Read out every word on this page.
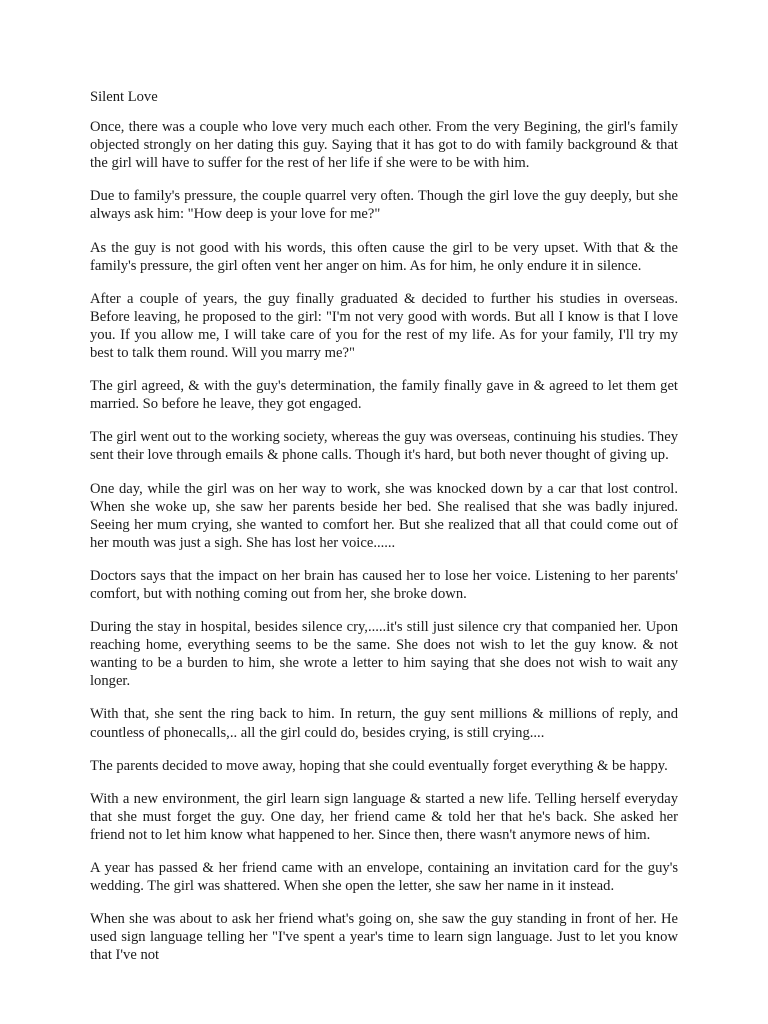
Silent Love

Once, there was a couple who love very much each other. From the very Begining, the girl's family objected strongly on her dating this guy. Saying that it has got to do with family background & that the girl will have to suffer for the rest of her life if she were to be with him.

Due to family's pressure, the couple quarrel very often. Though the girl love the guy deeply, but she always ask him: "How deep is your love for me?"

As the guy is not good with his words, this often cause the girl to be very upset. With that & the family's pressure, the girl often vent her anger on him. As for him, he only endure it in silence.

After a couple of years, the guy finally graduated & decided to further his studies in overseas. Before leaving, he proposed to the girl: "I'm not very good with words. But all I know is that I love you. If you allow me, I will take care of you for the rest of my life. As for your family, I'll try my best to talk them round. Will you marry me?"

The girl agreed, & with the guy's determination, the family finally gave in & agreed to let them get married. So before he leave, they got engaged.

The girl went out to the working society, whereas the guy was overseas, continuing his studies. They sent their love through emails & phone calls. Though it's hard, but both never thought of giving up.

One day, while the girl was on her way to work, she was knocked down by a car that lost control. When she woke up, she saw her parents beside her bed. She realised that she was badly injured. Seeing her mum crying, she wanted to comfort her. But she realized that all that could come out of her mouth was just a sigh. She has lost her voice......

Doctors says that the impact on her brain has caused her to lose her voice. Listening to her parents' comfort, but with nothing coming out from her, she broke down.

During the stay in hospital, besides silence cry,.....it's still just silence cry that companied her. Upon reaching home, everything seems to be the same. She does not wish to let the guy know. & not wanting to be a burden to him, she wrote a letter to him saying that she does not wish to wait any longer.

With that, she sent the ring back to him. In return, the guy sent millions & millions of reply, and countless of phonecalls,.. all the girl could do, besides crying, is still crying....

The parents decided to move away, hoping that she could eventually forget everything & be happy.

With a new environment, the girl learn sign language & started a new life. Telling herself everyday that she must forget the guy. One day, her friend came & told her that he's back. She asked her friend not to let him know what happened to her. Since then, there wasn't anymore news of him.

A year has passed & her friend came with an envelope, containing an invitation card for the guy's wedding. The girl was shattered. When she open the letter, she saw her name in it instead.

When she was about to ask her friend what's going on, she saw the guy standing in front of her. He used sign language telling her "I've spent a year's time to learn sign language. Just to let you know that I've not
